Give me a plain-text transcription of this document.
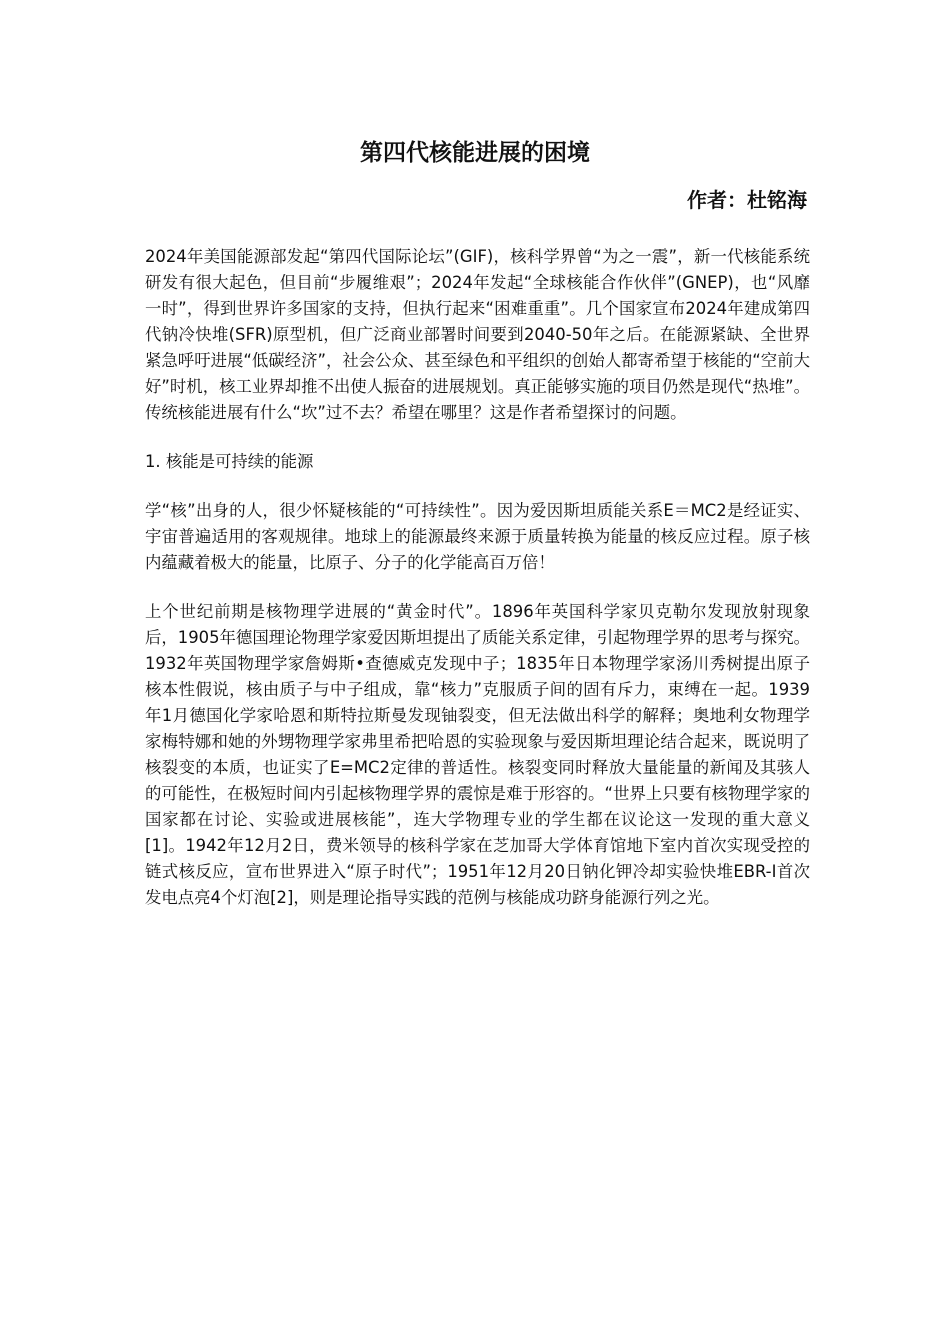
第四代核能进展的困境

作者：杜铭海

2024年美国能源部发起“第四代国际论坛”(GIF)，核科学界曾“为之一震”，新一代核能系统研发有很大起色，但目前“步履维艰”；2024年发起“全球核能合作伙伴”(GNEP)，也“风靡一时”，得到世界许多国家的支持，但执行起来“困难重重”。几个国家宣布2024年建成第四代钠冷快堆(SFR)原型机，但广泛商业部署时间要到2040-50年之后。在能源紧缺、全世界紧急呼吁进展“低碳经济”，社会公众、甚至绿色和平组织的创始人都寄希望于核能的“空前大好”时机，核工业界却推不出使人振奋的进展规划。真正能够实施的项目仍然是现代“热堆”。传统核能进展有什么“坎”过不去？希望在哪里？这是作者希望探讨的问题。

1. 核能是可持续的能源

学“核”出身的人，很少怀疑核能的“可持续性”。因为爱因斯坦质能关系E＝MC2是经证实、宇宙普遍适用的客观规律。地球上的能源最终来源于质量转换为能量的核反应过程。原子核内蕴藏着极大的能量，比原子、分子的化学能高百万倍！

上个世纪前期是核物理学进展的“黄金时代”。1896年英国科学家贝克勒尔发现放射现象后，1905年德国理论物理学家爱因斯坦提出了质能关系定律，引起物理学界的思考与探究。1932年英国物理学家詹姆斯•查德威克发现中子；1835年日本物理学家汤川秀树提出原子核本性假说，核由质子与中子组成，靠“核力”克服质子间的固有斥力，束缚在一起。1939年1月德国化学家哈恩和斯特拉斯曼发现铀裂变，但无法做出科学的解释；奥地利女物理学家梅特娜和她的外甥物理学家弗里希把哈恩的实验现象与爱因斯坦理论结合起来，既说明了核裂变的本质，也证实了E=MC2定律的普适性。核裂变同时释放大量能量的新闻及其骇人的可能性，在极短时间内引起核物理学界的震惊是难于形容的。“世界上只要有核物理学家的国家都在讨论、实验或进展核能”，连大学物理专业的学生都在议论这一发现的重大意义[1]。1942年12月2日，费米领导的核科学家在芝加哥大学体育馆地下室内首次实现受控的链式核反应，宣布世界进入“原子时代”；1951年12月20日钠化钾冷却实验快堆EBR-I首次发电点亮4个灯泡[2]，则是理论指导实践的范例与核能成功跻身能源行列之光。
